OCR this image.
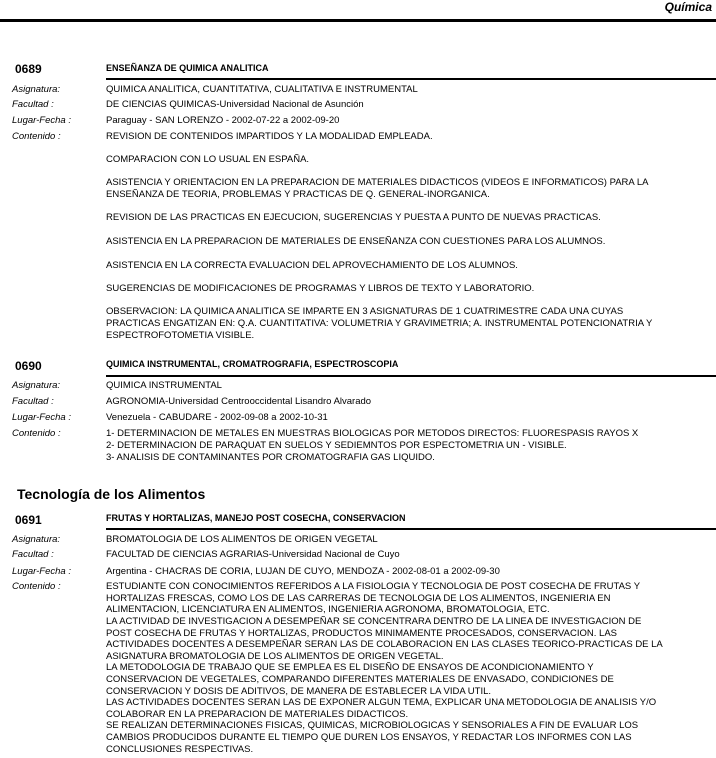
Química
0689	ENSEÑANZA DE QUIMICA ANALITICA
Asignatura:	QUIMICA ANALITICA, CUANTITATIVA, CUALITATIVA E INSTRUMENTAL
Facultad :	DE CIENCIAS QUIMICAS-Universidad Nacional de Asunción
Lugar-Fecha :	Paraguay - SAN LORENZO - 2002-07-22 a 2002-09-20
Contenido :	REVISION DE CONTENIDOS IMPARTIDOS Y LA MODALIDAD EMPLEADA.
COMPARACION CON LO USUAL EN ESPAÑA.
ASISTENCIA Y ORIENTACION EN LA PREPARACION DE MATERIALES DIDACTICOS (VIDEOS E INFORMATICOS) PARA LA
ENSEÑANZA DE TEORIA, PROBLEMAS Y PRACTICAS DE Q. GENERAL-INORGANICA.
REVISION DE LAS PRACTICAS EN EJECUCION, SUGERENCIAS Y PUESTA A PUNTO DE NUEVAS PRACTICAS.
ASISTENCIA EN LA PREPARACION DE MATERIALES DE ENSEÑANZA CON CUESTIONES PARA LOS ALUMNOS.
ASISTENCIA EN LA CORRECTA EVALUACION DEL APROVECHAMIENTO DE LOS ALUMNOS.
SUGERENCIAS DE MODIFICACIONES DE PROGRAMAS Y LIBROS DE TEXTO Y LABORATORIO.
OBSERVACION: LA QUIMICA ANALITICA SE IMPARTE EN 3 ASIGNATURAS DE 1 CUATRIMESTRE CADA UNA CUYAS
PRACTICAS ENGATIZAN EN: Q.A. CUANTITATIVA: VOLUMETRIA Y GRAVIMETRIA; A. INSTRUMENTAL POTENCIONATRIA Y
ESPECTROFOTOMETIA VISIBLE.
0690	QUIMICA INSTRUMENTAL, CROMATROGRAFIA, ESPECTROSCOPIA
Asignatura:	QUIMICA INSTRUMENTAL
Facultad :	AGRONOMIA-Universidad Centrooccidental Lisandro Alvarado
Lugar-Fecha :	Venezuela - CABUDARE - 2002-09-08 a 2002-10-31
Contenido :	1- DETERMINACION DE METALES EN MUESTRAS BIOLOGICAS POR METODOS DIRECTOS: FLUORESPASIS RAYOS X
2- DETERMINACION DE PARAQUAT EN SUELOS Y SEDIEMNTOS POR ESPECTOMETRIA UN - VISIBLE.
3- ANALISIS DE CONTAMINANTES POR CROMATOGRAFIA GAS LIQUIDO.
Tecnología de los Alimentos
0691	FRUTAS Y HORTALIZAS, MANEJO POST COSECHA, CONSERVACION
Asignatura:	BROMATOLOGIA DE LOS ALIMENTOS DE ORIGEN VEGETAL
Facultad :	FACULTAD DE CIENCIAS AGRARIAS-Universidad Nacional de Cuyo
Lugar-Fecha :	Argentina - CHACRAS DE CORIA, LUJAN DE CUYO, MENDOZA - 2002-08-01 a 2002-09-30
Contenido :	ESTUDIANTE CON CONOCIMIENTOS REFERIDOS A LA FISIOLOGIA Y TECNOLOGIA DE POST COSECHA DE FRUTAS Y
HORTALIZAS FRESCAS, COMO LOS DE LAS CARRERAS DE TECNOLOGIA DE LOS ALIMENTOS, INGENIERIA EN
ALIMENTACION, LICENCIATURA EN ALIMENTOS, INGENIERIA AGRONOMA, BROMATOLOGIA, ETC.
LA ACTIVIDAD DE INVESTIGACION A DESEMPEÑAR SE CONCENTRARA DENTRO DE LA LINEA DE INVESTIGACION DE
POST COSECHA DE FRUTAS Y HORTALIZAS, PRODUCTOS MINIMAMENTE PROCESADOS, CONSERVACION. LAS
ACTIVIDADES DOCENTES A DESEMPEÑAR SERAN LAS DE COLABORACION EN LAS CLASES TEORICO-PRACTICAS DE LA
ASIGNATURA BROMATOLOGIA DE LOS ALIMENTOS DE ORIGEN VEGETAL.
LA METODOLOGIA DE TRABAJO QUE SE EMPLEA ES EL DISEÑO DE ENSAYOS DE ACONDICIONAMIENTO Y
CONSERVACION DE VEGETALES, COMPARANDO DIFERENTES MATERIALES DE ENVASADO, CONDICIONES DE
CONSERVACION Y DOSIS DE ADITIVOS, DE MANERA DE ESTABLECER LA VIDA UTIL.
LAS ACTIVIDADES DOCENTES SERAN LAS DE EXPONER ALGUN TEMA, EXPLICAR UNA METODOLOGIA DE ANALISIS Y/O
COLABORAR EN LA PREPARACION DE MATERIALES DIDACTICOS.
SE REALIZAN DETERMINACIONES FISICAS, QUIMICAS, MICROBIOLOGICAS Y SENSORIALES A FIN DE EVALUAR LOS
CAMBIOS PRODUCIDOS DURANTE EL TIEMPO QUE DUREN LOS ENSAYOS, Y REDACTAR LOS INFORMES CON LAS
CONCLUSIONES RESPECTIVAS.
